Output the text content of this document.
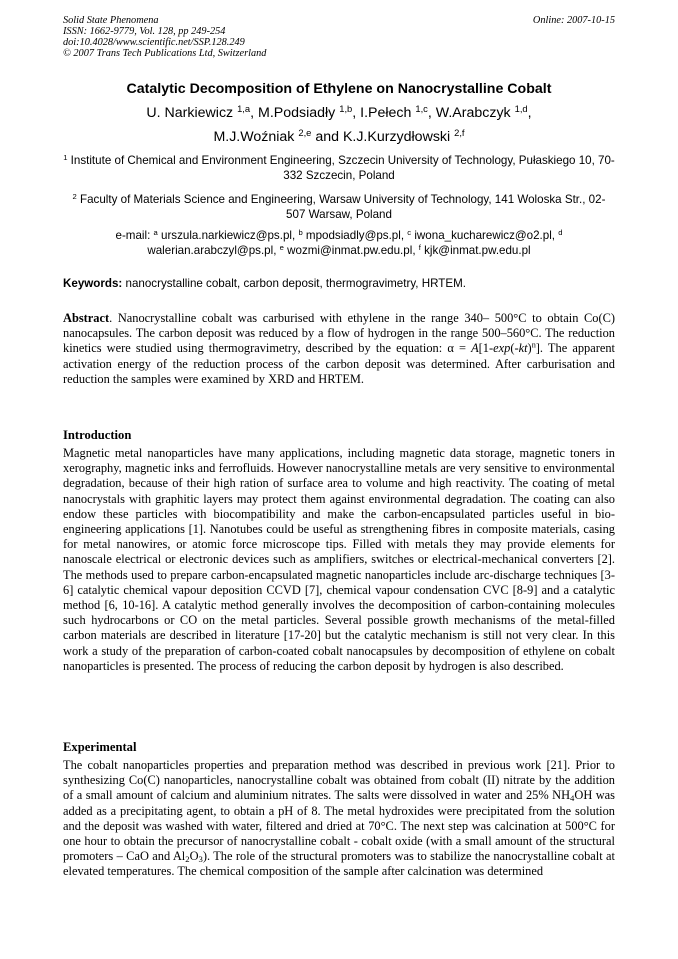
Solid State Phenomena
ISSN: 1662-9779, Vol. 128, pp 249-254
doi:10.4028/www.scientific.net/SSP.128.249
© 2007 Trans Tech Publications Ltd, Switzerland
Online: 2007-10-15
Catalytic Decomposition of Ethylene on Nanocrystalline Cobalt
U. Narkiewicz $^{1,a}$, M.Podsiadły $^{1,b}$, I.Pełech $^{1,c}$, W.Arabczyk $^{1,d}$,
M.J.Woźniak $^{2,e}$ and K.J.Kurzydłowski $^{2,f}$
$^1$ Institute of Chemical and Environment Engineering, Szczecin University of Technology, Pułaskiego 10, 70-332 Szczecin, Poland
$^2$ Faculty of Materials Science and Engineering, Warsaw University of Technology, 141 Woloska Str., 02-507 Warsaw, Poland
e-mail: $^a$ urszula.narkiewicz@ps.pl, $^b$ mpodsiadly@ps.pl, $^c$ iwona_kucharewicz@o2.pl, $^d$
walerian.arabczyl@ps.pl, $^e$ wozmi@inmat.pw.edu.pl, $^f$ kjk@inmat.pw.edu.pl
Keywords: nanocrystalline cobalt, carbon deposit, thermogravimetry, HRTEM.
Abstract. Nanocrystalline cobalt was carburised with ethylene in the range 340– 500°C to obtain Co(C) nanocapsules. The carbon deposit was reduced by a flow of hydrogen in the range 500–560°C. The reduction kinetics were studied using thermogravimetry, described by the equation: $\alpha = A[1-\exp(-kt)^n]$. The apparent activation energy of the reduction process of the carbon deposit was determined. After carburisation and reduction the samples were examined by XRD and HRTEM.
Introduction
Magnetic metal nanoparticles have many applications, including magnetic data storage, magnetic toners in xerography, magnetic inks and ferrofluids. However nanocrystalline metals are very sensitive to environmental degradation, because of their high ration of surface area to volume and high reactivity. The coating of metal nanocrystals with graphitic layers may protect them against environmental degradation. The coating can also endow these particles with biocompatibility and make the carbon-encapsulated particles useful in bio-engineering applications [1]. Nanotubes could be useful as strengthening fibres in composite materials, casing for metal nanowires, or atomic force microscope tips. Filled with metals they may provide elements for nanoscale electrical or electronic devices such as amplifiers, switches or electrical-mechanical converters [2]. The methods used to prepare carbon-encapsulated magnetic nanoparticles include arc-discharge techniques [3-6] catalytic chemical vapour deposition CCVD [7], chemical vapour condensation CVC [8-9] and a catalytic method [6, 10-16]. A catalytic method generally involves the decomposition of carbon-containing molecules such hydrocarbons or CO on the metal particles. Several possible growth mechanisms of the metal-filled carbon materials are described in literature [17-20] but the catalytic mechanism is still not very clear. In this work a study of the preparation of carbon-coated cobalt nanocapsules by decomposition of ethylene on cobalt nanoparticles is presented. The process of reducing the carbon deposit by hydrogen is also described.
Experimental
The cobalt nanoparticles properties and preparation method was described in previous work [21]. Prior to synthesizing Co(C) nanoparticles, nanocrystalline cobalt was obtained from cobalt (II) nitrate by the addition of a small amount of calcium and aluminium nitrates. The salts were dissolved in water and 25% $NH_4OH$ was added as a precipitating agent, to obtain a pH of 8. The metal hydroxides were precipitated from the solution and the deposit was washed with water, filtered and dried at 70°C. The next step was calcination at 500°C for one hour to obtain the precursor of nanocrystalline cobalt - cobalt oxide (with a small amount of the structural promoters – CaO and $Al_2O_3$). The role of the structural promoters was to stabilize the nanocrystalline cobalt at elevated temperatures. The chemical composition of the sample after calcination was determined
